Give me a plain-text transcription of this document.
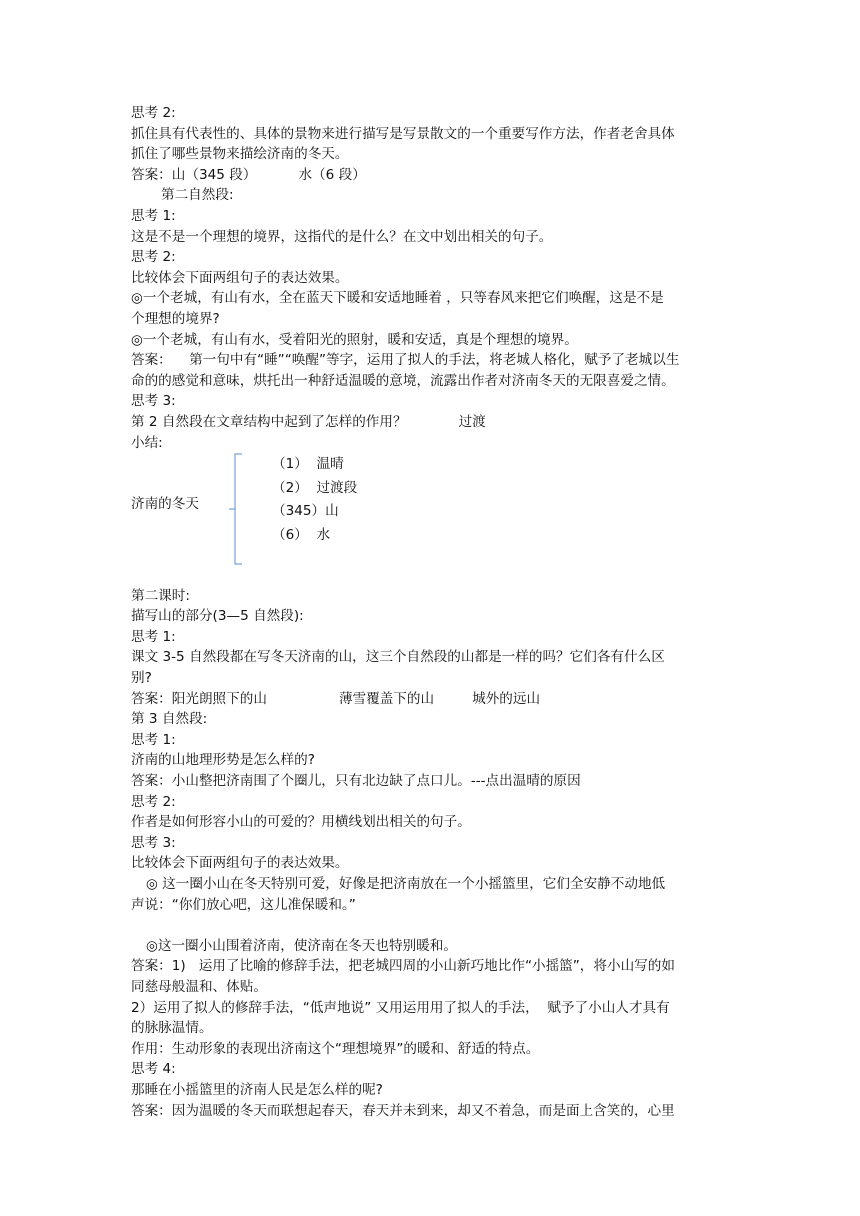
思考 2:
抓住具有代表性的、具体的景物来进行描写是写景散文的一个重要写作方法，作者老舍具体
抓住了哪些景物来描绘济南的冬天。
答案：山（345 段）	水（6 段）
第二自然段:
思考 1:
这是不是一个理想的境界，这指代的是什么？在文中划出相关的句子。
思考 2:
比较体会下面两组句子的表达效果。
◎一个老城，有山有水，全在蓝天下暖和安适地睡着 ，只等春风来把它们唤醒，这是不是
个理想的境界?
◎一个老城，有山有水，受着阳光的照射，暖和安适，真是个理想的境界。
答案：    第一句中有“睡”“唤醒”等字，运用了拟人的手法，将老城人格化，赋予了老城以生
命的的感觉和意味，烘托出一种舒适温暖的意境，流露出作者对济南冬天的无限喜爱之情。
思考 3:
第 2 自然段在文章结构中起到了怎样的作用？	过渡
小结:
济南的冬天
（1）  温晴
（2）  过渡段
（345）山
（6）  水
第二课时:
描写山的部分(3—5 自然段):
思考 1:
课文 3-5 自然段都在写冬天济南的山，这三个自然段的山都是一样的吗？它们各有什么区
别?
答案：阳光朗照下的山	薄雪覆盖下的山	城外的远山
第 3 自然段:
思考 1:
济南的山地理形势是怎么样的?
答案：小山整把济南围了个圈儿，只有北边缺了点口儿。---点出温晴的原因
思考 2:
作者是如何形容小山的可爱的？用横线划出相关的句子。
思考 3:
比较体会下面两组句子的表达效果。
◎ 这一圈小山在冬天特别可爱，好像是把济南放在一个小摇篮里，它们全安静不动地低
声说：“你们放心吧，这儿准保暖和。”
◎这一圈小山围着济南，使济南在冬天也特别暖和。
答案：1)   运用了比喻的修辞手法，把老城四周的小山新巧地比作“小摇篮”，将小山写的如
同慈母般温和、体贴。
2）运用了拟人的修辞手法，“低声地说” 又用运用用了拟人的手法，  赋予了小山人才具有
的脉脉温情。
作用：生动形象的表现出济南这个“理想境界”的暖和、舒适的特点。
思考 4:
那睡在小摇篮里的济南人民是怎么样的呢?
答案：因为温暖的冬天而联想起春天，春天并未到来，却又不着急，而是面上含笑的，心里
